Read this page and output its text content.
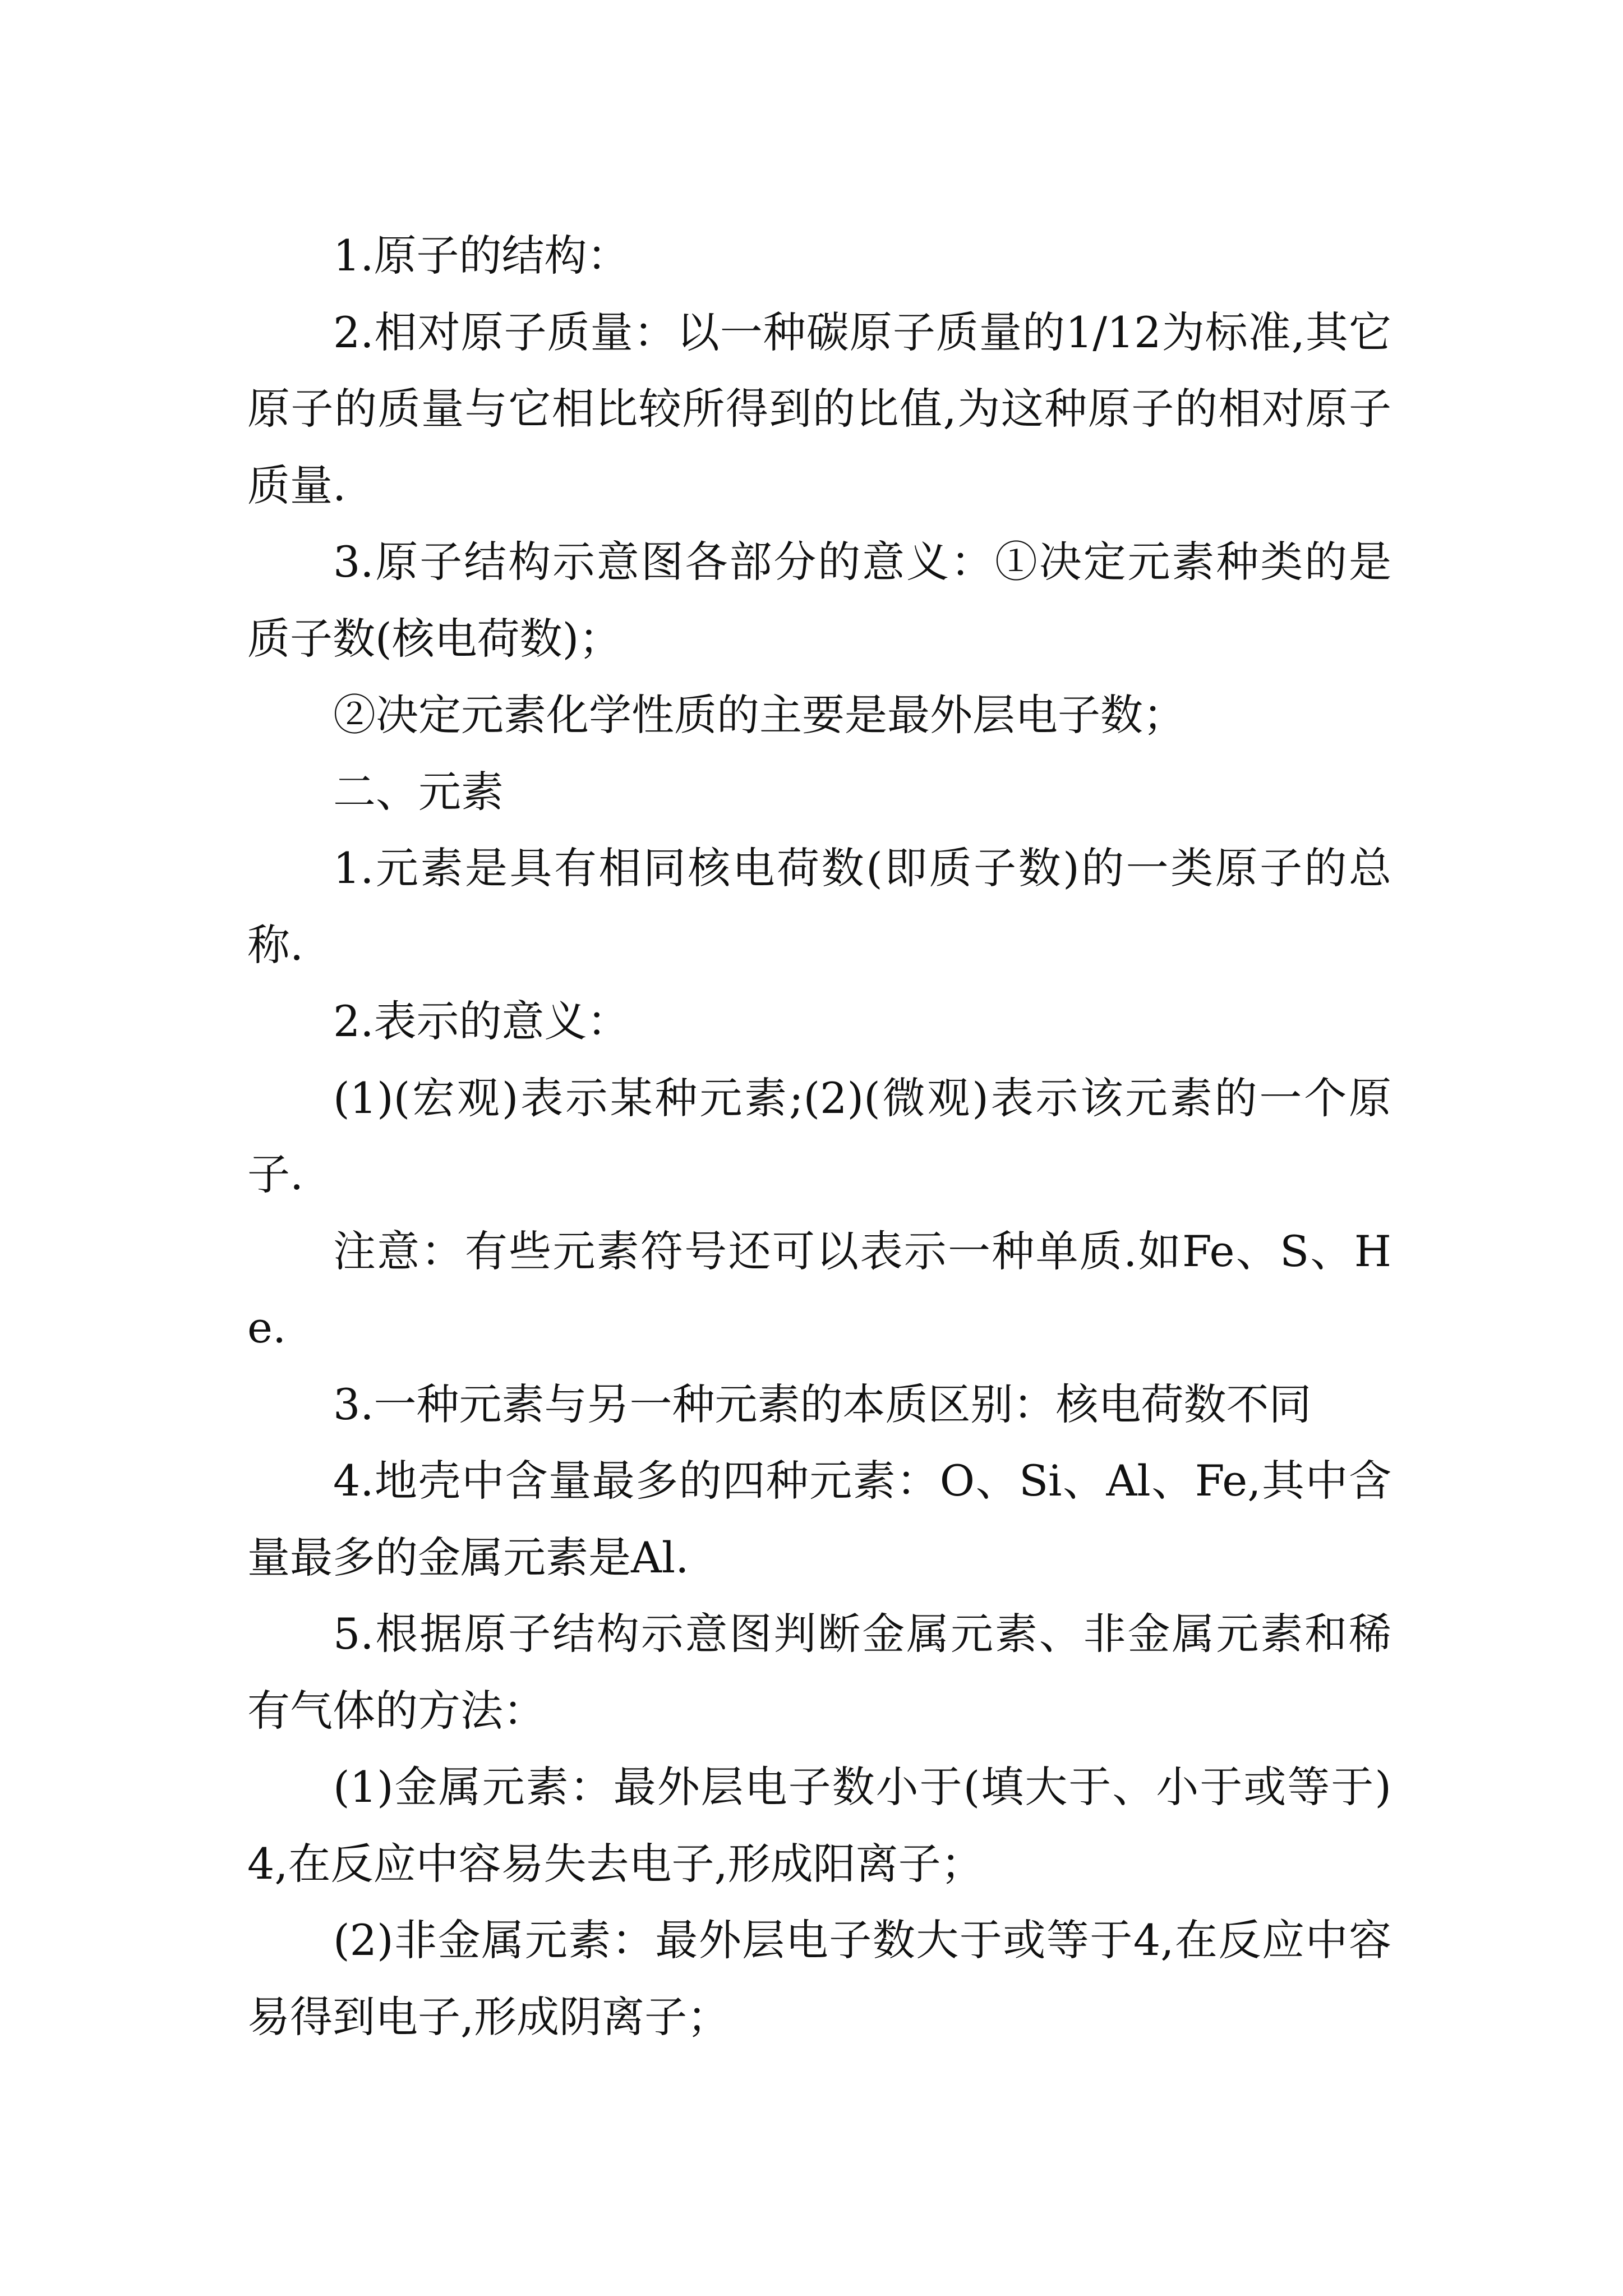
1.原子的结构：

2.相对原子质量：以一种碳原子质量的1/12为标准,其它原子的质量与它相比较所得到的比值,为这种原子的相对原子质量.

3.原子结构示意图各部分的意义：①决定元素种类的是质子数(核电荷数)；

②决定元素化学性质的主要是最外层电子数；

二、元素

1.元素是具有相同核电荷数(即质子数)的一类原子的总称.

2.表示的意义：

(1)(宏观)表示某种元素;(2)(微观)表示该元素的一个原子.

注意：有些元素符号还可以表示一种单质.如Fe、S、He.

3.一种元素与另一种元素的本质区别：核电荷数不同

4.地壳中含量最多的四种元素：O、Si、Al、Fe,其中含量最多的金属元素是Al.

5.根据原子结构示意图判断金属元素、非金属元素和稀有气体的方法：

(1)金属元素：最外层电子数小于(填大于、小于或等于)4,在反应中容易失去电子,形成阳离子；

(2)非金属元素：最外层电子数大于或等于4,在反应中容易得到电子,形成阴离子；
